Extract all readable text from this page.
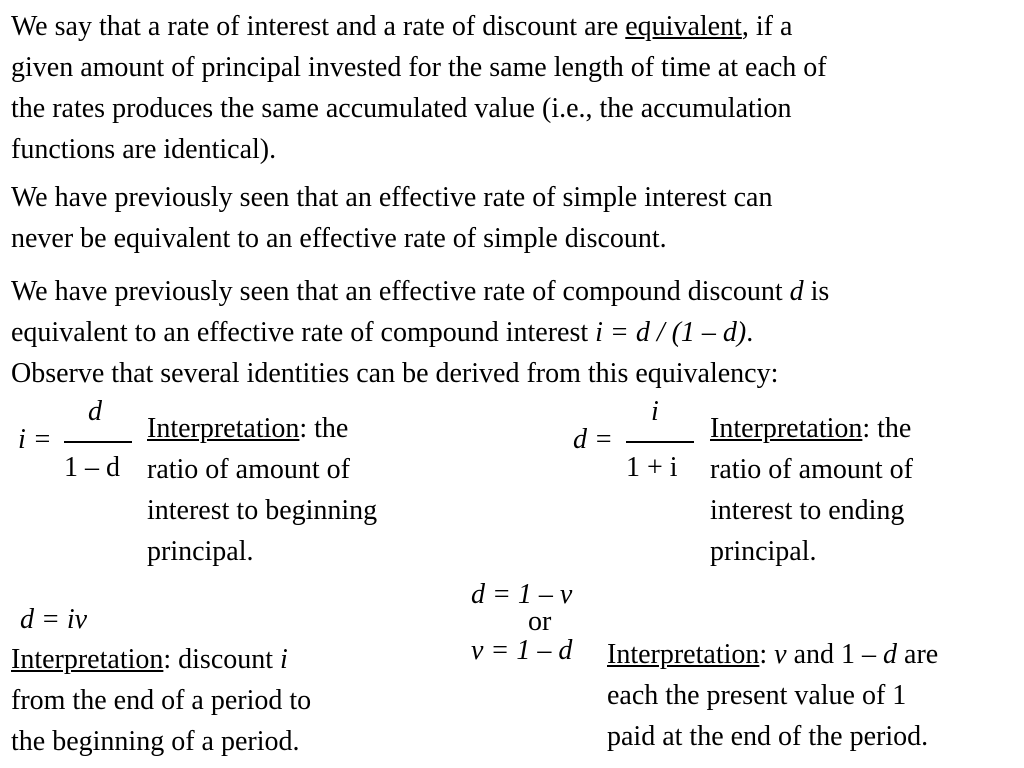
We say that a rate of interest and a rate of discount are equivalent, if a
given amount of principal invested for the same length of time at each of
the rates produces the same accumulated value (i.e., the accumulation
functions are identical).
We have previously seen that an effective rate of simple interest can
never be equivalent to an effective rate of simple discount.
We have previously seen that an effective rate of compound discount d is
equivalent to an effective rate of compound interest i = d / (1 – d).
Observe that several identities can be derived from this equivalency:
i =
d
1 – d
Interpretation: the
ratio of amount of
interest to beginning
principal.
d =
i
1 + i
Interpretation: the
ratio of amount of
interest to ending
principal.
d = iv
Interpretation: discount i
from the end of a period to
the beginning of a period.
d = 1 – v
or
v = 1 – d Interpretation: v and 1 – d are
each the present value of 1
paid at the end of the period.
